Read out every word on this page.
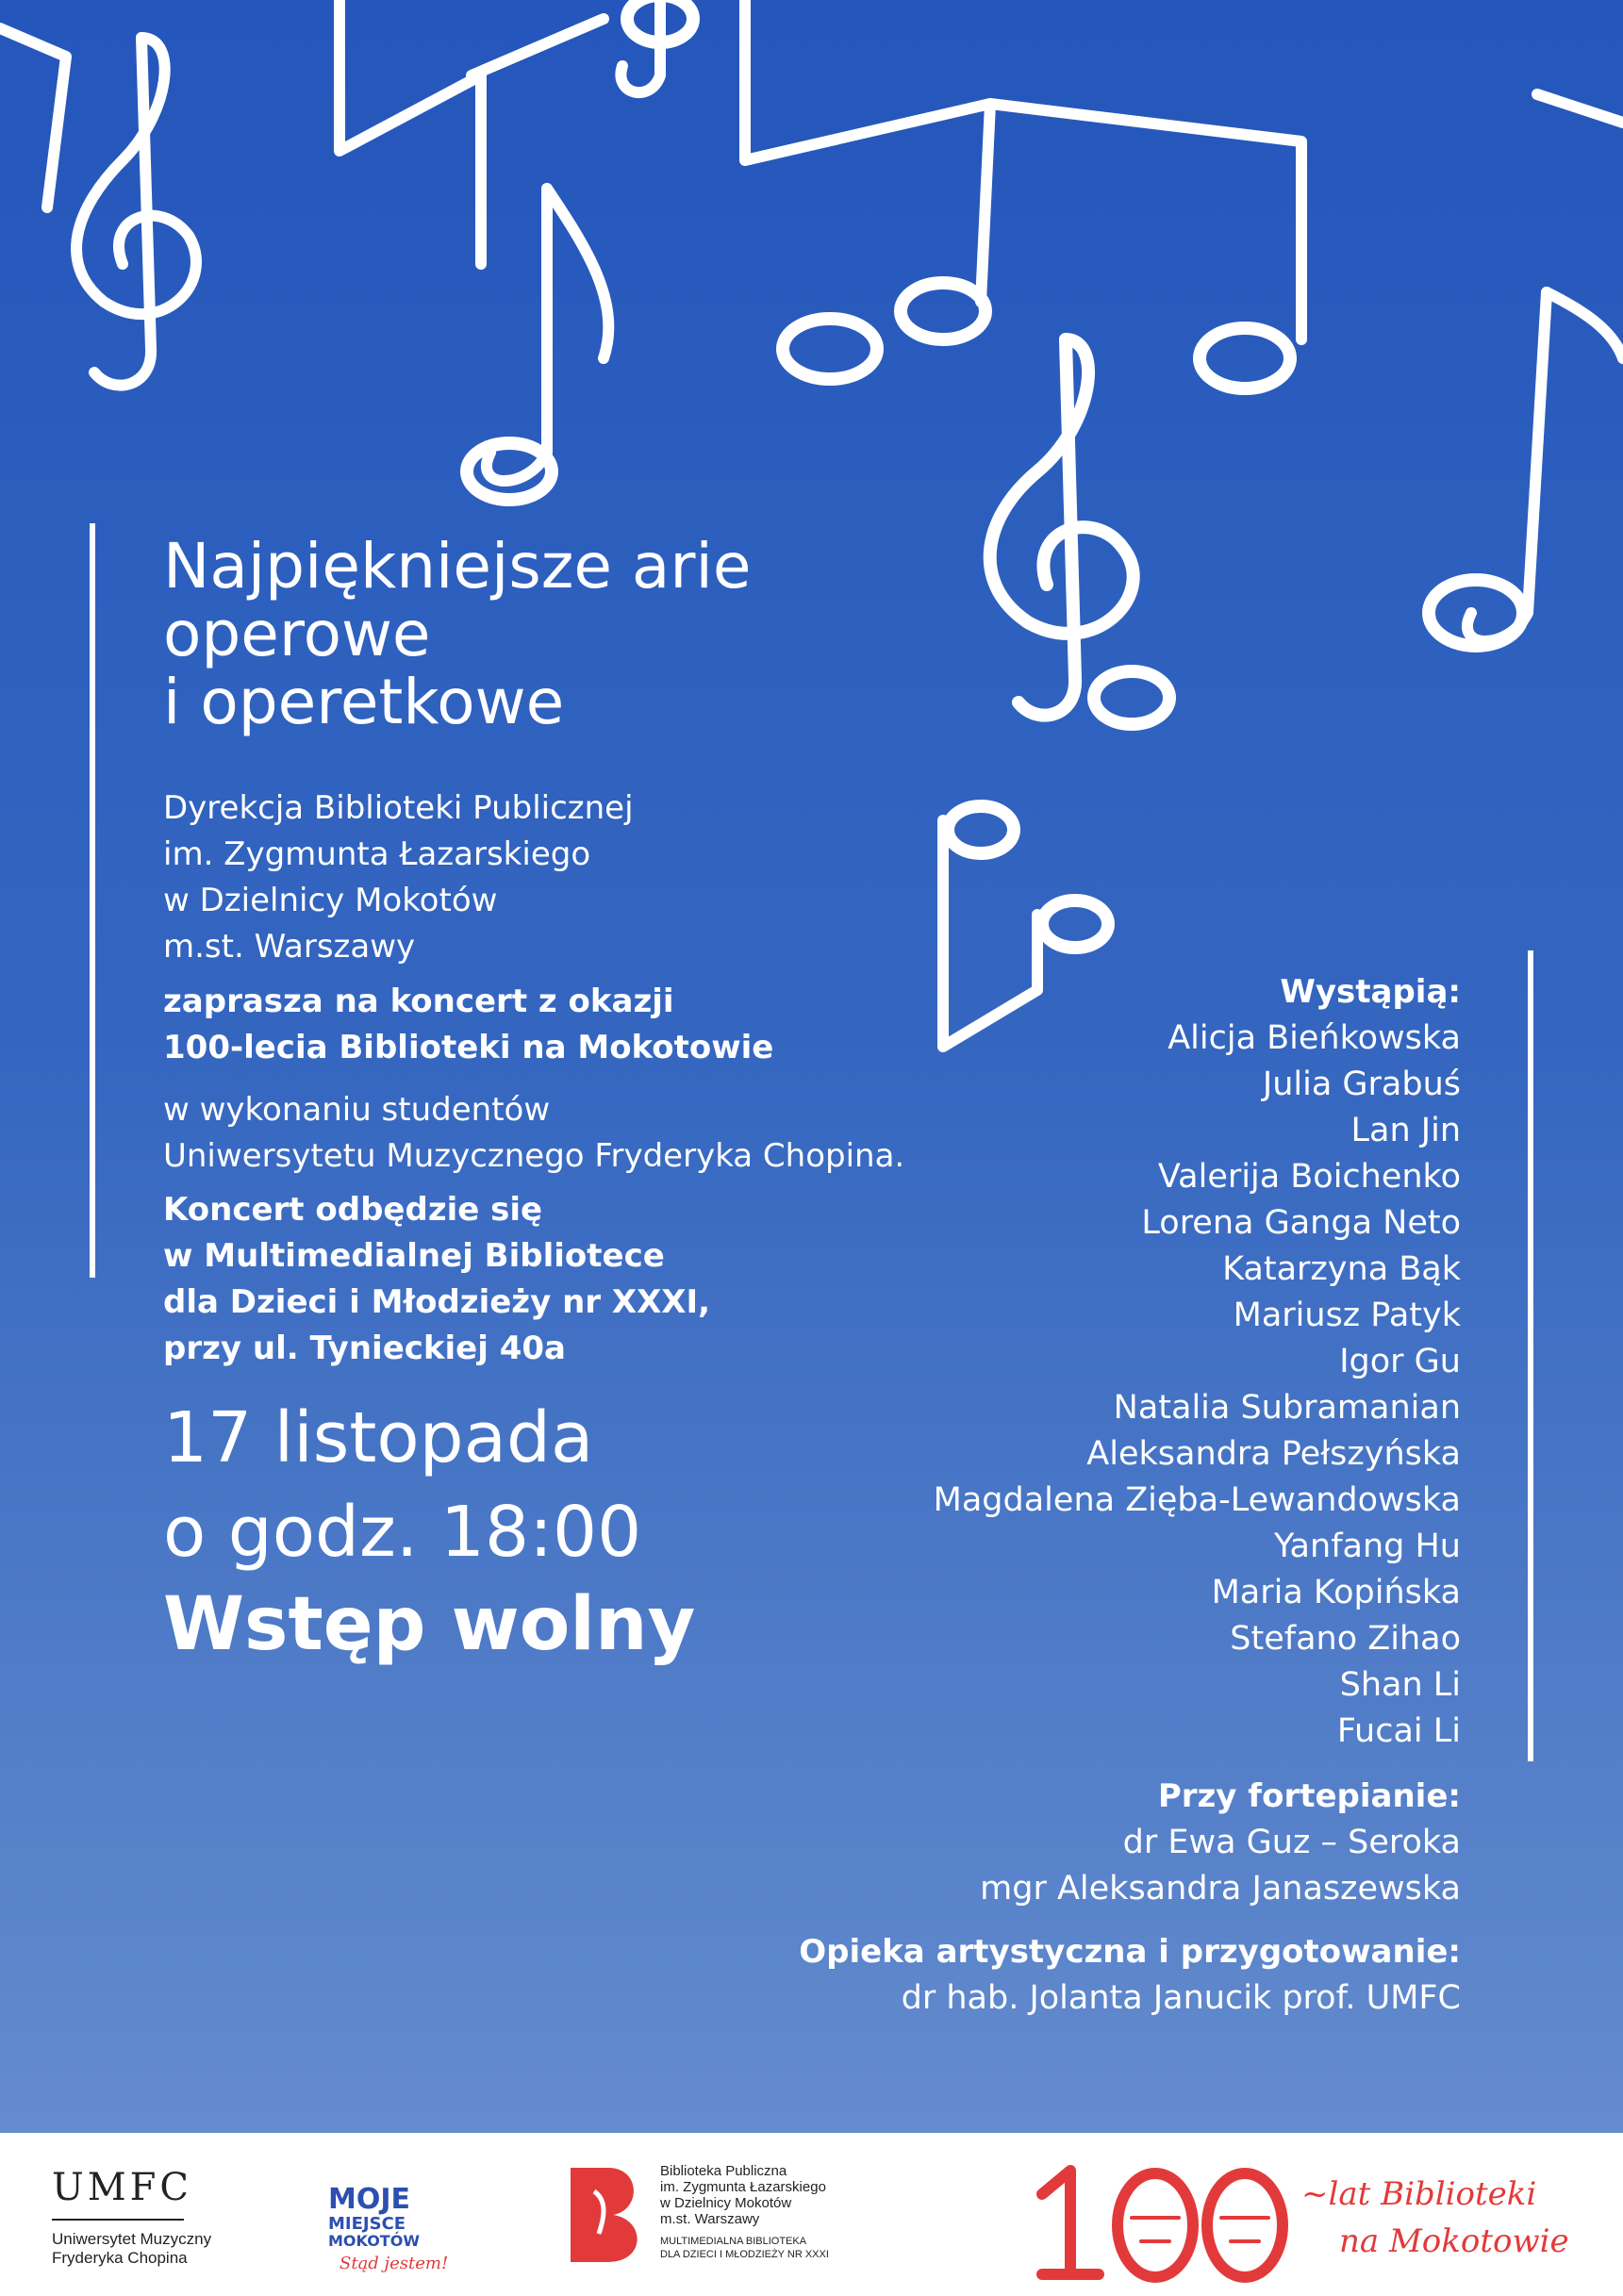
Najpiękniejsze arie
operowe
i operetkowe
Dyrekcja Biblioteki Publicznej
im. Zygmunta Łazarskiego
w Dzielnicy Mokotów
m.st. Warszawy
zaprasza na koncert z okazji
100-lecia Biblioteki na Mokotowie
w wykonaniu studentów
Uniwersytetu Muzycznego Fryderyka Chopina.
Koncert odbędzie się
w Multimedialnej Bibliotece
dla Dzieci i Młodzieży nr XXXI,
przy ul. Tynieckiej 40a
17 listopada
o godz. 18:00
Wstęp wolny
Wystąpią:
Alicja Bieńkowska
Julia Grabuś
Lan Jin
Valerija Boichenko
Lorena Ganga Neto
Katarzyna Bąk
Mariusz Patyk
Igor Gu
Natalia Subramanian
Aleksandra Pełszyńska
Magdalena Zięba-Lewandowska
Yanfang Hu
Maria Kopińska
Stefano Zihao
Shan Li
Fucai Li
Przy fortepianie:
dr Ewa Guz – Seroka
mgr Aleksandra Janaszewska
Opieka artystyczna i przygotowanie:
dr hab. Jolanta Janucik prof. UMFC
UMFC
Uniwersytet Muzyczny
Fryderyka Chopina
MOJE
MIEJSCE
MOKOTÓW
Stąd jestem!
Biblioteka Publiczna
im. Zygmunta Łazarskiego
w Dzielnicy Mokotów
m.st. Warszawy
MULTIMEDIALNA BIBLIOTEKA
DLA DZIECI I MŁODZIEŻY NR XXXI
~lat Biblioteki
na Mokotowie
